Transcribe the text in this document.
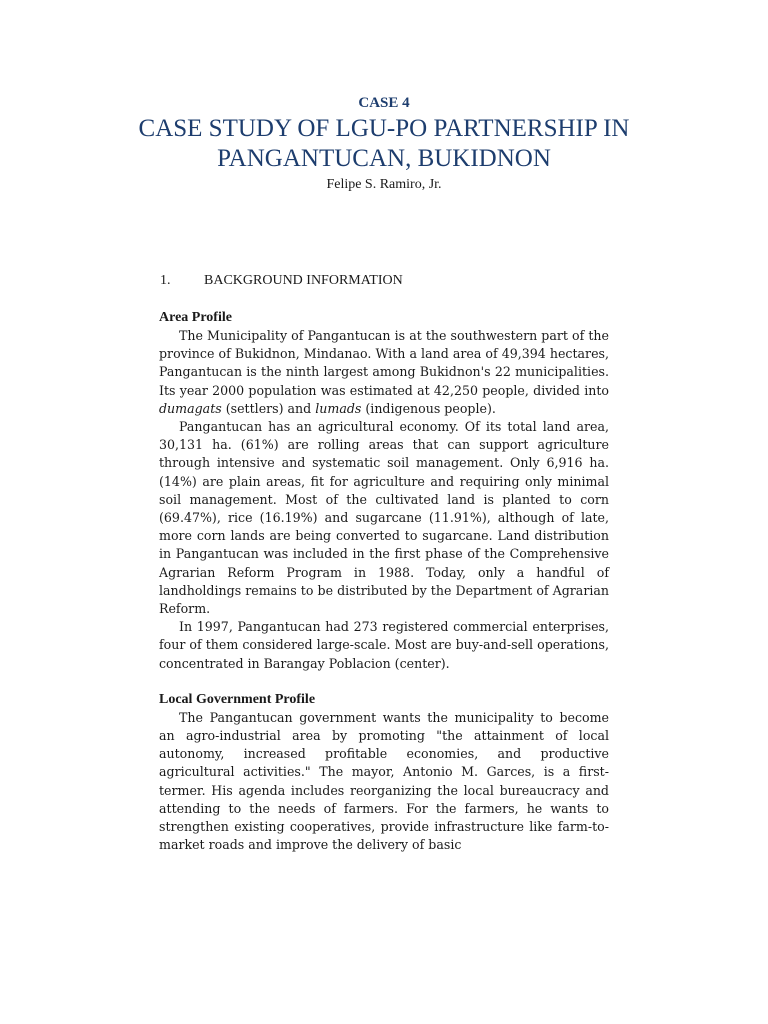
CASE 4
CASE STUDY OF LGU-PO PARTNERSHIP IN
PANGANTUCAN, BUKIDNON
Felipe S. Ramiro, Jr.
1.	BACKGROUND INFORMATION

Area Profile

The Municipality of Pangantucan is at the southwestern part of the province of Bukidnon, Mindanao. With a land area of 49,394 hectares, Pangantucan is the ninth largest among Bukidnon's 22 municipalities. Its year 2000 population was estimated at 42,250 people, divided into dumagats (settlers) and lumads (indigenous people).

Pangantucan has an agricultural economy. Of its total land area, 30,131 ha. (61%) are rolling areas that can support agriculture through intensive and systematic soil management. Only 6,916 ha. (14%) are plain areas, fit for agriculture and requiring only minimal soil management. Most of the cultivated land is planted to corn (69.47%), rice (16.19%) and sugarcane (11.91%), although of late, more corn lands are being converted to sugarcane. Land distribution in Pangantucan was included in the first phase of the Comprehensive Agrarian Reform Program in 1988. Today, only a handful of landholdings remains to be distributed by the Department of Agrarian Reform.

In 1997, Pangantucan had 273 registered commercial enterprises, four of them considered large-scale. Most are buy-and-sell operations, concentrated in Barangay Poblacion (center).

Local Government Profile

The Pangantucan government wants the municipality to become an agro-industrial area by promoting "the attainment of local autonomy, increased profitable economies, and productive agricultural activities." The mayor, Antonio M. Garces, is a first-termer. His agenda includes reorganizing the local bureaucracy and attending to the needs of farmers. For the farmers, he wants to strengthen existing cooperatives, provide infrastructure like farm-to-market roads and improve the delivery of basic
